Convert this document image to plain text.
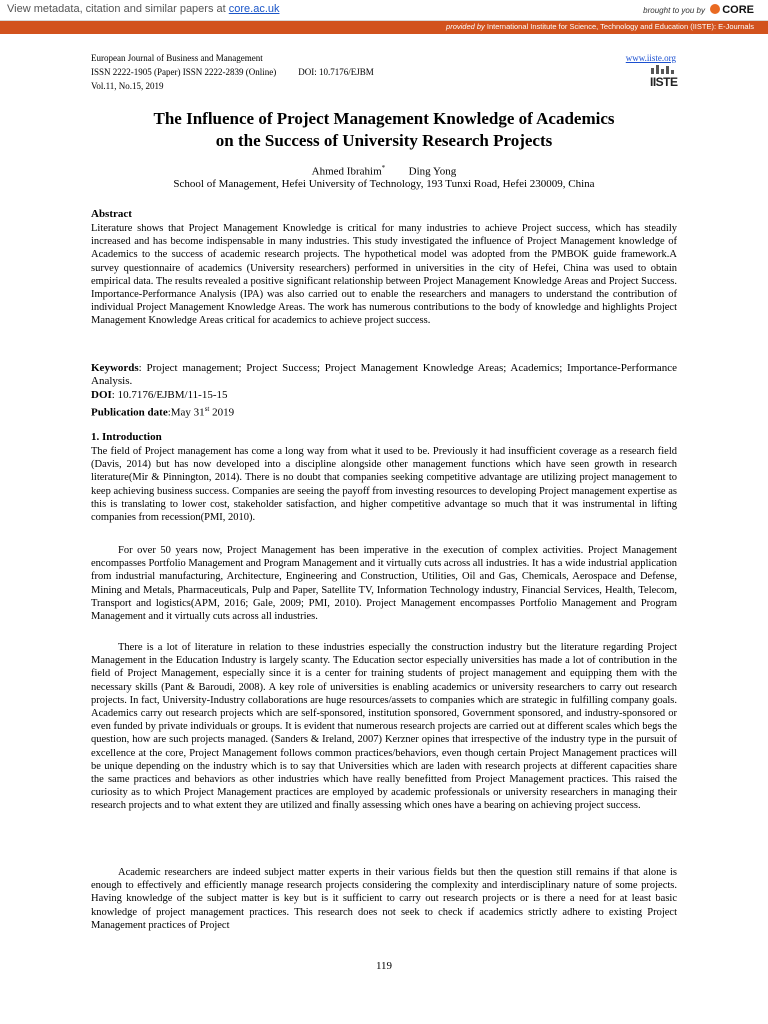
View metadata, citation and similar papers at core.ac.uk	brought to you by CORE
provided by International Institute for Science, Technology and Education (IISTE): E-Journals
European Journal of Business and Management
ISSN 2222-1905 (Paper) ISSN 2222-2839 (Online) DOI: 10.7176/EJBM
Vol.11, No.15, 2019
www.iiste.org
IISTE
The Influence of Project Management Knowledge of Academics
on the Success of University Research Projects
Ahmed Ibrahim* Ding Yong
School of Management, Hefei University of Technology, 193 Tunxi Road, Hefei 230009, China
Abstract
Literature shows that Project Management Knowledge is critical for many industries to achieve Project success, which has steadily increased and has become indispensable in many industries. This study investigated the influence of Project Management knowledge of Academics to the success of academic research projects. The hypothetical model was adopted from the PMBOK guide framework.A survey questionnaire of academics (University researchers) performed in universities in the city of Hefei, China was used to obtain empirical data. The results revealed a positive significant relationship between Project Management Knowledge Areas and Project Success. Importance-Performance Analysis (IPA) was also carried out to enable the researchers and managers to understand the contribution of individual Project Management Knowledge Areas. The work has numerous contributions to the body of knowledge and highlights Project Management Knowledge Areas critical for academics to achieve project success.
Keywords: Project management; Project Success; Project Management Knowledge Areas; Academics; Importance-Performance Analysis.
DOI: 10.7176/EJBM/11-15-15
Publication date:May 31st 2019
1. Introduction
The field of Project management has come a long way from what it used to be. Previously it had insufficient coverage as a research field (Davis, 2014) but has now developed into a discipline alongside other management functions which have seen growth in research literature(Mir & Pinnington, 2014). There is no doubt that companies seeking competitive advantage are utilizing project management to keep achieving business success. Companies are seeing the payoff from investing resources to developing Project management expertise as this is translating to lower cost, stakeholder satisfaction, and higher competitive advantage so much that it was instrumental in lifting companies from recession(PMI, 2010).
For over 50 years now, Project Management has been imperative in the execution of complex activities. Project Management encompasses Portfolio Management and Program Management and it virtually cuts across all industries. It has a wide industrial application from industrial manufacturing, Architecture, Engineering and Construction, Utilities, Oil and Gas, Chemicals, Aerospace and Defense, Mining and Metals, Pharmaceuticals, Pulp and Paper, Satellite TV, Information Technology industry, Financial Services, Health, Telecom, Transport and logistics(APM, 2016; Gale, 2009; PMI, 2010). Project Management encompasses Portfolio Management and Program Management and it virtually cuts across all industries.
There is a lot of literature in relation to these industries especially the construction industry but the literature regarding Project Management in the Education Industry is largely scanty. The Education sector especially universities has made a lot of contribution in the field of Project Management, especially since it is a center for training students of project management and equipping them with the necessary skills (Pant & Baroudi, 2008). A key role of universities is enabling academics or university researchers to carry out research projects. In fact, University-Industry collaborations are huge resources/assets to companies which are strategic in fulfilling company goals. Academics carry out research projects which are self-sponsored, institution sponsored, Government sponsored, and industry-sponsored or even funded by private individuals or groups. It is evident that numerous research projects are carried out at different scales which begs the question, how are such projects managed. (Sanders & Ireland, 2007) Kerzner opines that irrespective of the industry type in the pursuit of excellence at the core, Project Management follows common practices/behaviors, even though certain Project Management practices will be unique depending on the industry which is to say that Universities which are laden with research projects at different capacities share the same practices and behaviors as other industries which have really benefitted from Project Management practices. This raised the curiosity as to which Project Management practices are employed by academic professionals or university researchers in managing their research projects and to what extent they are utilized and finally assessing which ones have a bearing on achieving project success.
Academic researchers are indeed subject matter experts in their various fields but then the question still remains if that alone is enough to effectively and efficiently manage research projects considering the complexity and interdisciplinary nature of some projects. Having knowledge of the subject matter is key but is it sufficient to carry out research projects or is there a need for at least basic knowledge of project management practices. This research does not seek to check if academics strictly adhere to existing Project Management practices of Project
119
